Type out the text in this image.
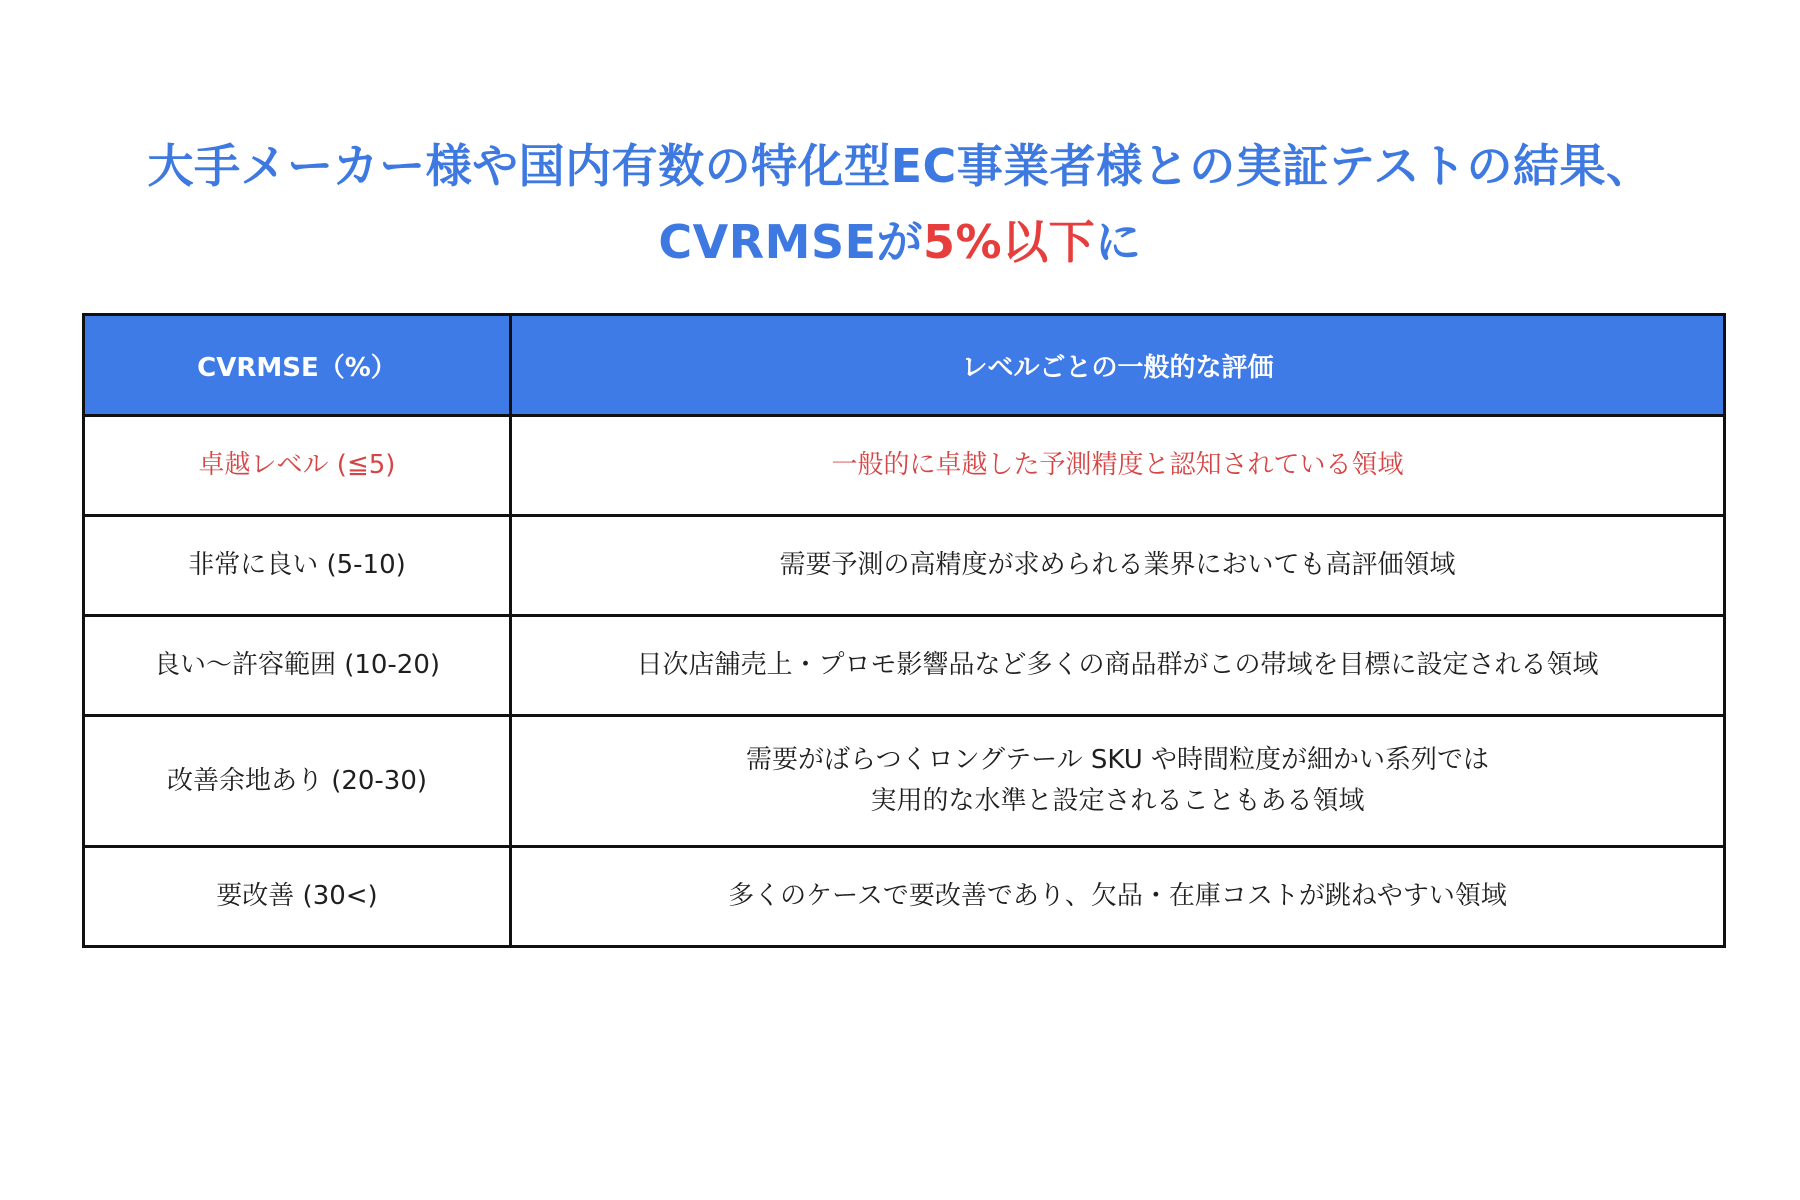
大手メーカー様や国内有数の特化型EC事業者様との実証テストの結果、
CVRMSEが5%以下に
CVRMSE（%）	レベルごとの一般的な評価
卓越レベル (≦5)	一般的に卓越した予測精度と認知されている領域

非常に良い (5-10)	需要予測の高精度が求められる業界においても高評価領域

良い〜許容範囲 (10-20)	日次店舗売上・プロモ影響品など多くの商品群がこの帯域を目標に設定される領域

改善余地あり (20-30)	需要がばらつくロングテール SKU や時間粒度が細かい系列では
実用的な水準と設定されることもある領域

要改善 (30<)	多くのケースで要改善であり、欠品・在庫コストが跳ねやすい領域
